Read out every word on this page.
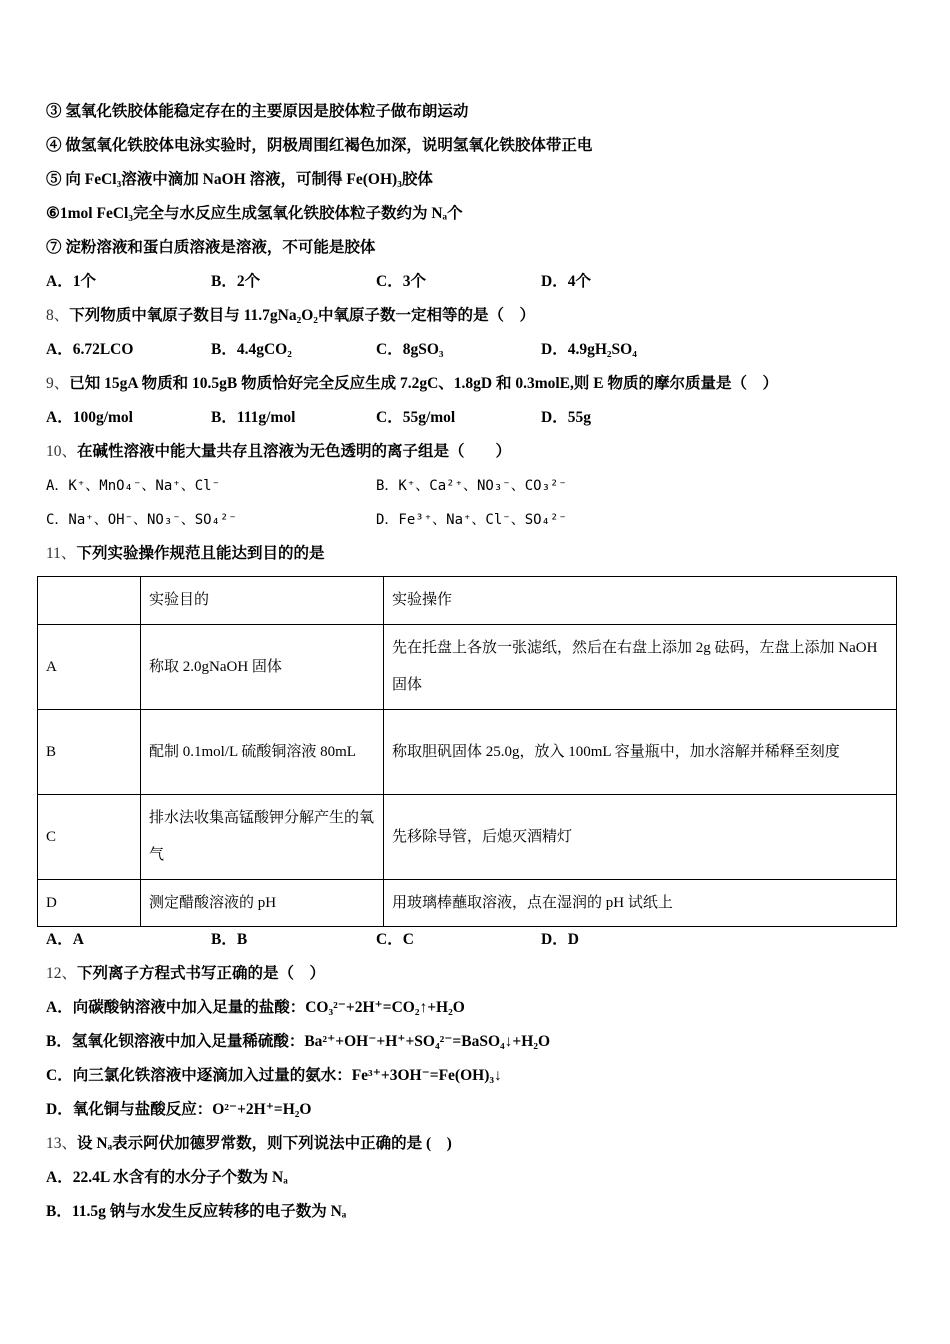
③ 氢氧化铁胶体能稳定存在的主要原因是胶体粒子做布朗运动
④ 做氢氧化铁胶体电泳实验时，阴极周围红褐色加深，说明氢氧化铁胶体带正电
⑤ 向 FeCl₃溶液中滴加 NaOH 溶液，可制得 Fe(OH)₃胶体
⑥1mol FeCl₃完全与水反应生成氢氧化铁胶体粒子数约为 Nₐ个
⑦ 淀粉溶液和蛋白质溶液是溶液，不可能是胶体
A．1个	B．2个	C．3个	D．4个
8、下列物质中氧原子数目与 11.7gNa₂O₂中氧原子数一定相等的是（　）
A．6.72LCO	B．4.4gCO₂	C．8gSO₃	D．4.9gH₂SO₄
9、已知 15gA 物质和 10.5gB 物质恰好完全反应生成 7.2gC、1.8gD 和 0.3molE,则 E 物质的摩尔质量是（　）
A．100g/mol	B．111g/mol	C．55g/mol	D．55g
10、在碱性溶液中能大量共存且溶液为无色透明的离子组是（　　）
A．K⁺、MnO₄⁻、Na⁺、Cl⁻	B．K⁺、Ca²⁺、NO₃⁻、CO₃²⁻
C．Na⁺、OH⁻、NO₃⁻、SO₄²⁻	D．Fe³⁺、Na⁺、Cl⁻、SO₄²⁻
11、下列实验操作规范且能达到目的的是
	实验目的	实验操作
A	称取 2.0gNaOH 固体	先在托盘上各放一张滤纸，然后在右盘上添加 2g 砝码，左盘上添加 NaOH 固体
B	配制 0.1mol/L 硫酸铜溶液 80mL	称取胆矾固体 25.0g，放入 100mL 容量瓶中，加水溶解并稀释至刻度
C	排水法收集高锰酸钾分解产生的氧气	先移除导管，后熄灭酒精灯
D	测定醋酸溶液的 pH	用玻璃棒蘸取溶液，点在湿润的 pH 试纸上
A．A	B．B	C．C	D．D
12、下列离子方程式书写正确的是（　）
A．向碳酸钠溶液中加入足量的盐酸：CO₃²⁻+2H⁺=CO₂↑+H₂O
B．氢氧化钡溶液中加入足量稀硫酸：Ba²⁺+OH⁻+H⁺+SO₄²⁻=BaSO₄↓+H₂O
C．向三氯化铁溶液中逐滴加入过量的氨水：Fe³⁺+3OH⁻=Fe(OH)₃↓
D．氧化铜与盐酸反应：O²⁻+2H⁺=H₂O
13、设 Nₐ表示阿伏加德罗常数，则下列说法中正确的是 (　)
A．22.4L 水含有的水分子个数为 Nₐ
B．11.5g 钠与水发生反应转移的电子数为 Nₐ
